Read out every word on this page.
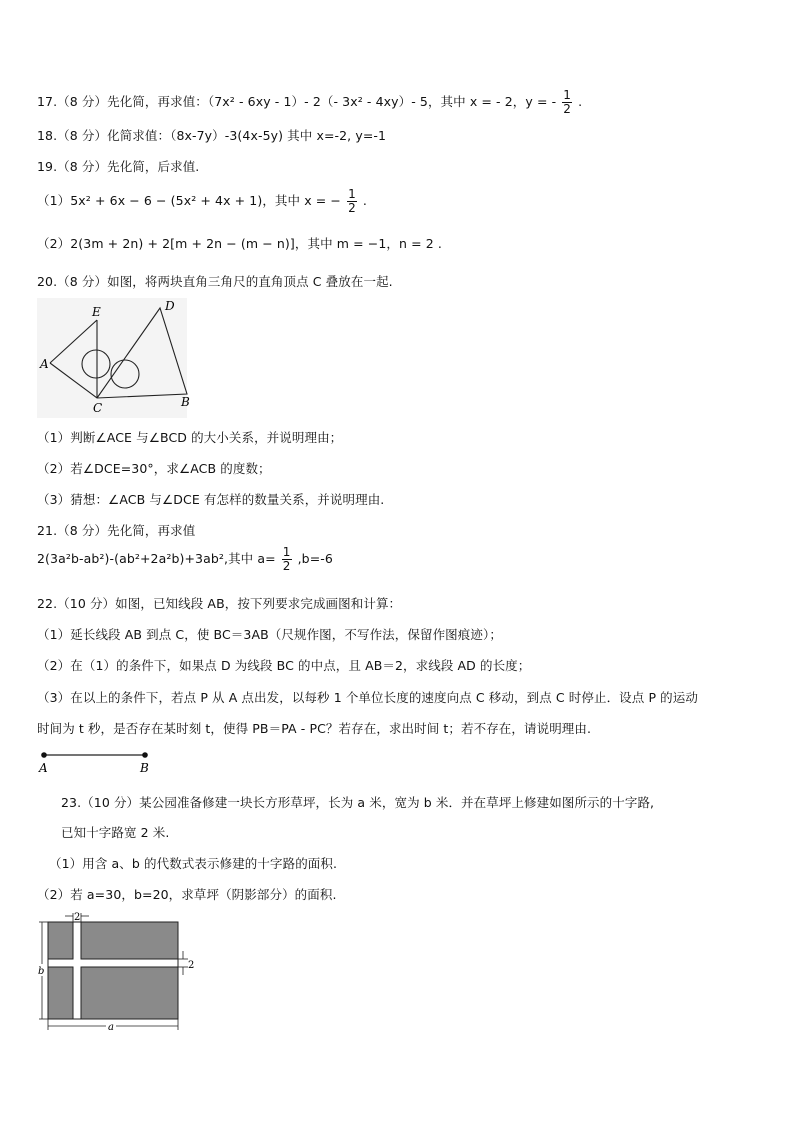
17.（8 分）先化简，再求值：（7x² - 6xy - 1）- 2（- 3x² - 4xy）- 5，其中 x = - 2，y = - $\frac{1}{2}$ .
18.（8 分）化简求值：（8x-7y）-3(4x-5y) 其中 x=-2, y=-1
19.（8 分）先化简，后求值.
（1）5x² + 6x − 6 − (5x² + 4x + 1)，其中 x = − $\frac{1}{2}$ .
（2）2(3m + 2n) + 2[m + 2n − (m − n)]，其中 m = −1，n = 2 .
20.（8 分）如图，将两块直角三角尺的直角顶点 C 叠放在一起.
A
E	D
C	B
（1）判断∠ACE 与∠BCD 的大小关系，并说明理由；
（2）若∠DCE=30°，求∠ACB 的度数；
（3）猜想：∠ACB 与∠DCE 有怎样的数量关系，并说明理由.
21.（8 分）先化简，再求值
2(3a²b-ab²)-(ab²+2a²b)+3ab²,其中 $a= \frac{1}{2} ,b=-6$
22.（10 分）如图，已知线段 AB，按下列要求完成画图和计算：
（1）延长线段 AB 到点 C，使 BC＝3AB（尺规作图，不写作法，保留作图痕迹）；
（2）在（1）的条件下，如果点 D 为线段 BC 的中点，且 AB＝2，求线段 AD 的长度；
（3）在以上的条件下，若点 P 从 A 点出发，以每秒 1 个单位长度的速度向点 C 移动，到点 C 时停止．设点 P 的运动
时间为 t 秒，是否存在某时刻 t，使得 PB＝PA - PC？若存在，求出时间 t；若不存在，请说明理由.
A	B
23.（10 分）某公园准备修建一块长方形草坪，长为 a 米，宽为 b 米．并在草坪上修建如图所示的十字路,
已知十字路宽 2 米.
（1）用含 a、b 的代数式表示修建的十字路的面积.
（2）若 a=30，b=20，求草坪（阴影部分）的面积.
2
2
b
a
